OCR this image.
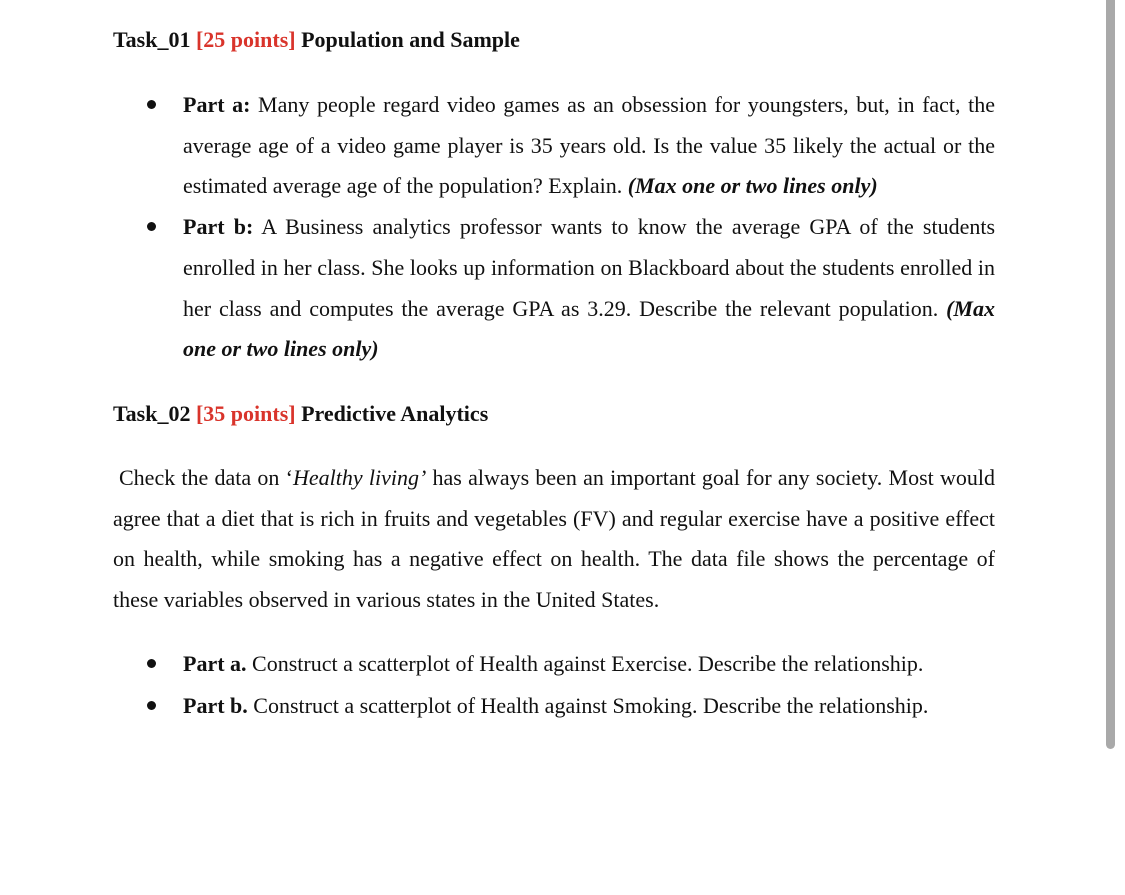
Task_01 [25 points] Population and Sample
Part a: Many people regard video games as an obsession for youngsters, but, in fact, the average age of a video game player is 35 years old. Is the value 35 likely the actual or the estimated average age of the population? Explain. (Max one or two lines only)
Part b: A Business analytics professor wants to know the average GPA of the students enrolled in her class. She looks up information on Blackboard about the students enrolled in her class and computes the average GPA as 3.29. Describe the relevant population. (Max one or two lines only)
Task_02 [35 points] Predictive Analytics

Check the data on ‘Healthy living’ has always been an important goal for any society. Most would agree that a diet that is rich in fruits and vegetables (FV) and regular exercise have a positive effect on health, while smoking has a negative effect on health. The data file shows the percentage of these variables observed in various states in the United States.

Part a. Construct a scatterplot of Health against Exercise. Describe the relationship.
Part b. Construct a scatterplot of Health against Smoking. Describe the relationship.
